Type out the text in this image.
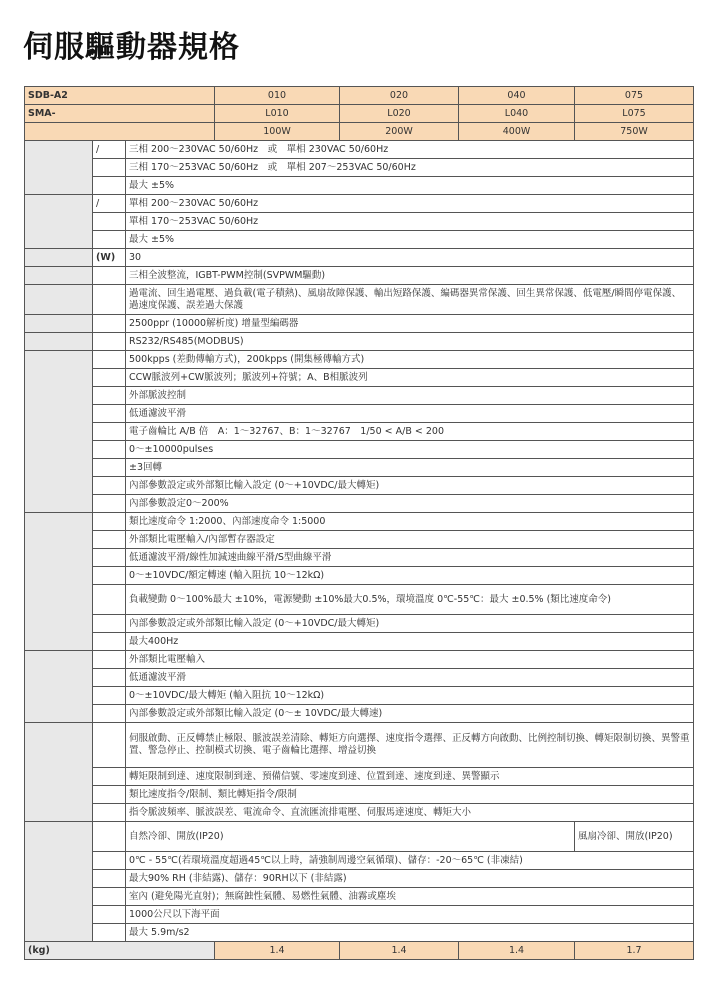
伺服驅動器規格
SDB-A2			010	020	040	075
SMA-			L010	L020	L040	L075
			100W	200W	400W	750W
	/	三相 200～230VAC 50/60Hz　或　單相 230VAC 50/60Hz				
		三相 170～253VAC 50/60Hz　或　單相 207～253VAC 50/60Hz				
		最大 ±5%				
	/	單相 200～230VAC 50/60Hz				
		單相 170～253VAC 50/60Hz				
		最大 ±5%				
	(W)	30				
		三相全波整流，IGBT-PWM控制(SVPWM驅動)				
		過電流、回生過電壓、過負載(電子積熱)、風扇故障保護、輸出短路保護、編碼器異常保護、回生異常保護、低電壓/瞬間停電保護、過速度保護、誤差過大保護				
		2500ppr (10000解析度) 增量型編碼器				
		RS232/RS485(MODBUS)				
		500kpps (差動傳輸方式)，200kpps (開集極傳輸方式)				
		CCW脈波列+CW脈波列；脈波列+符號；A、B相脈波列				
		外部脈波控制				
		低通濾波平滑				
		電子齒輪比 A/B 倍　A：1～32767、B：1～32767　1/50 < A/B < 200				
		0～±10000pulses				
		±3回轉				
		內部參數設定或外部類比輸入設定 (0～+10VDC/最大轉矩)				
		內部參數設定0～200%				
		類比速度命令 1:2000、內部速度命令 1:5000				
		外部類比電壓輸入/內部暫存器設定				
		低通濾波平滑/線性加減速曲線平滑/S型曲線平滑				
		0～±10VDC/額定轉速 (輸入阻抗 10～12kΩ)				
		負載變動 0～100%最大 ±10%，電源變動 ±10%最大0.5%，環境溫度 0℃-55℃：最大 ±0.5% (類比速度命令)				
		內部參數設定或外部類比輸入設定 (0～+10VDC/最大轉矩)				
		最大400Hz				
		外部類比電壓輸入				
		低通濾波平滑				
		0～±10VDC/最大轉矩 (輸入阻抗 10～12kΩ)				
		內部參數設定或外部類比輸入設定 (0～± 10VDC/最大轉速)				
		伺服啟動、正反轉禁止極限、脈波誤差清除、轉矩方向選擇、速度指令選擇、正反轉方向啟動、比例控制切換、轉矩限制切換、異警重置、警急停止、控制模式切換、電子齒輪比選擇、增益切換				
		轉矩限制到達、速度限制到達、預備信號、零速度到達、位置到達、速度到達、異警顯示				
		類比速度指令/限制、類比轉矩指令/限制				
		指令脈波頻率、脈波誤差、電流命令、直流匯流排電壓、伺服馬達速度、轉矩大小				
		自然冷卻、開放(IP20)				風扇冷卻、開放(IP20)
		0℃ - 55℃(若環境溫度超過45℃以上時，請強制周邊空氣循環)、儲存：-20～65℃ (非凍結)				
		最大90% RH (非結露)、儲存：90RH以下 (非結露)				
		室內 (避免陽光直射)；無腐蝕性氣體、易燃性氣體、油霧或塵埃				
		1000公尺以下海平面				
		最大 5.9m/s2				
(kg)			1.4	1.4	1.4	1.7
